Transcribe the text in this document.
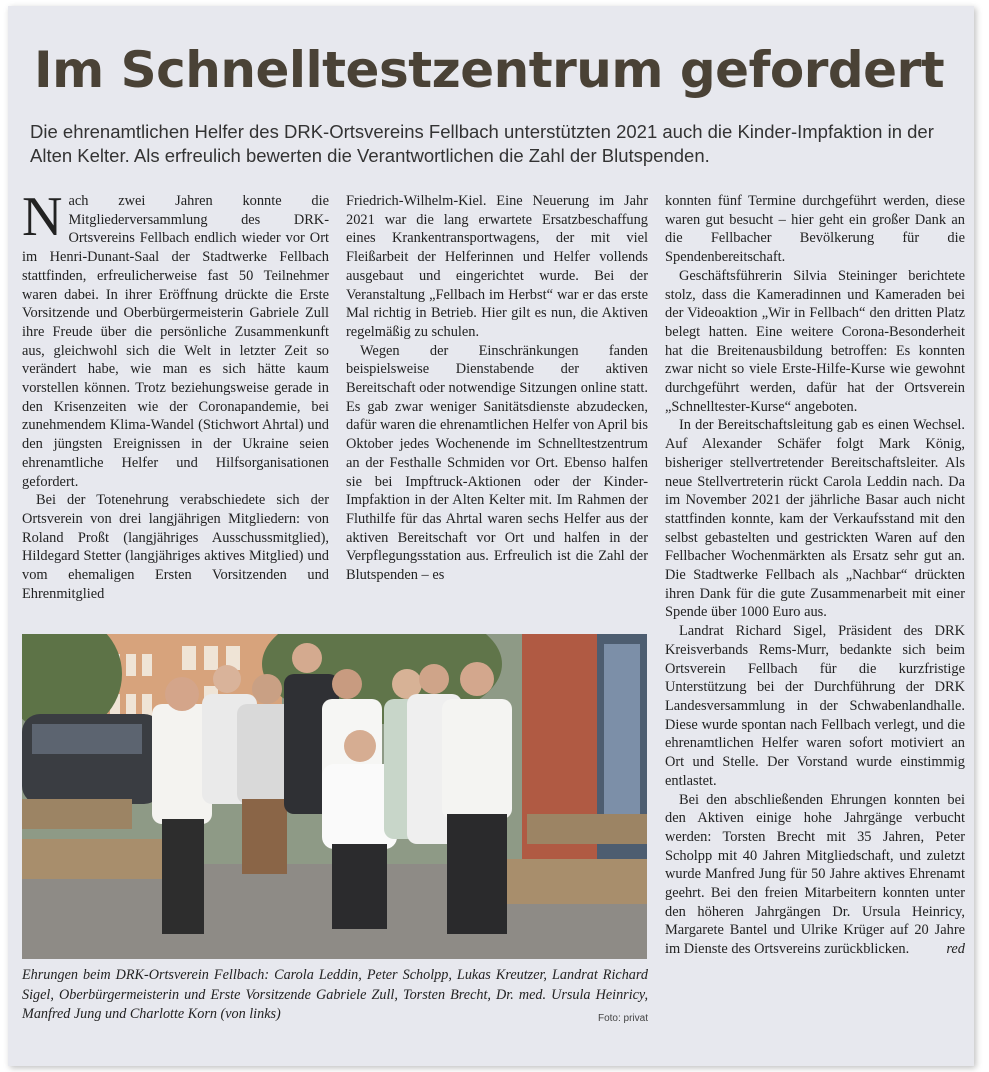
Im Schnelltestzentrum gefordert
Die ehrenamtlichen Helfer des DRK-Ortsvereins Fellbach unterstützten 2021 auch die Kinder-Impfaktion in der Alten Kelter. Als erfreulich bewerten die Verantwortlichen die Zahl der Blutspenden.

Nach zwei Jahren konnte die Mitgliederversammlung des DRK-Ortsvereins Fellbach endlich wieder vor Ort im Henri-Dunant-Saal der Stadtwerke Fellbach stattfinden, erfreulicherweise fast 50 Teilnehmer waren dabei. In ihrer Eröffnung drückte die Erste Vorsitzende und Oberbürgermeisterin Gabriele Zull ihre Freude über die persönliche Zusammenkunft aus, gleichwohl sich die Welt in letzter Zeit so verändert habe, wie man es sich hätte kaum vorstellen können. Trotz beziehungsweise gerade in den Krisenzeiten wie der Coronapandemie, bei zunehmendem Klima-Wandel (Stichwort Ahrtal) und den jüngsten Ereignissen in der Ukraine seien ehrenamtliche Helfer und Hilfsorganisationen gefordert.

Bei der Totenehrung verabschiedete sich der Ortsverein von drei langjährigen Mitgliedern: von Roland Proßt (langjähriges Ausschussmitglied), Hildegard Stetter (langjähriges aktives Mitglied) und vom ehemaligen Ersten Vorsitzenden und Ehrenmitglied

Friedrich-Wilhelm-Kiel. Eine Neuerung im Jahr 2021 war die lang erwartete Ersatzbeschaffung eines Krankentransportwagens, der mit viel Fleißarbeit der Helferinnen und Helfer vollends ausgebaut und eingerichtet wurde. Bei der Veranstaltung „Fellbach im Herbst“ war er das erste Mal richtig in Betrieb. Hier gilt es nun, die Aktiven regelmäßig zu schulen.

Wegen der Einschränkungen fanden beispielsweise Dienstabende der aktiven Bereitschaft oder notwendige Sitzungen online statt. Es gab zwar weniger Sanitätsdienste abzudecken, dafür waren die ehrenamtlichen Helfer von April bis Oktober jedes Wochenende im Schnelltestzentrum an der Festhalle Schmiden vor Ort. Ebenso halfen sie bei Impftruck-Aktionen oder der Kinder-Impfaktion in der Alten Kelter mit. Im Rahmen der Fluthilfe für das Ahrtal waren sechs Helfer aus der aktiven Bereitschaft vor Ort und halfen in der Verpflegungsstation aus. Erfreulich ist die Zahl der Blutspenden – es

konnten fünf Termine durchgeführt werden, diese waren gut besucht – hier geht ein großer Dank an die Fellbacher Bevölkerung für die Spendenbereitschaft.

Geschäftsführerin Silvia Steininger berichtete stolz, dass die Kameradinnen und Kameraden bei der Videoaktion „Wir in Fellbach“ den dritten Platz belegt hatten. Eine weitere Corona-Besonderheit hat die Breitenausbildung betroffen: Es konnten zwar nicht so viele Erste-Hilfe-Kurse wie gewohnt durchgeführt werden, dafür hat der Ortsverein „Schnelltester-Kurse“ angeboten.

In der Bereitschaftsleitung gab es einen Wechsel. Auf Alexander Schäfer folgt Mark König, bisheriger stellvertretender Bereitschaftsleiter. Als neue Stellvertreterin rückt Carola Leddin nach. Da im November 2021 der jährliche Basar auch nicht stattfinden konnte, kam der Verkaufsstand mit den selbst gebastelten und gestrickten Waren auf den Fellbacher Wochenmärkten als Ersatz sehr gut an. Die Stadtwerke Fellbach als „Nachbar“ drückten ihren Dank für die gute Zusammenarbeit mit einer Spende über 1000 Euro aus.

Landrat Richard Sigel, Präsident des DRK Kreisverbands Rems-Murr, bedankte sich beim Ortsverein Fellbach für die kurzfristige Unterstützung bei der Durchführung der DRK Landesversammlung in der Schwabenlandhalle. Diese wurde spontan nach Fellbach verlegt, und die ehrenamtlichen Helfer waren sofort motiviert an Ort und Stelle. Der Vorstand wurde einstimmig entlastet.

Bei den abschließenden Ehrungen konnten bei den Aktiven einige hohe Jahrgänge verbucht werden: Torsten Brecht mit 35 Jahren, Peter Scholpp mit 40 Jahren Mitgliedschaft, und zuletzt wurde Manfred Jung für 50 Jahre aktives Ehrenamt geehrt. Bei den freien Mitarbeitern konnten unter den höheren Jahrgängen Dr. Ursula Heinricy, Margarete Bantel und Ulrike Krüger auf 20 Jahre im Dienste des Ortsvereins zurückblicken.	red

Ehrungen beim DRK-Ortsverein Fellbach: Carola Leddin, Peter Scholpp, Lukas Kreutzer, Landrat Richard Sigel, Oberbürgermeisterin und Erste Vorsitzende Gabriele Zull, Torsten Brecht, Dr. med. Ursula Heinricy, Manfred Jung und Charlotte Korn (von links)	Foto: privat
